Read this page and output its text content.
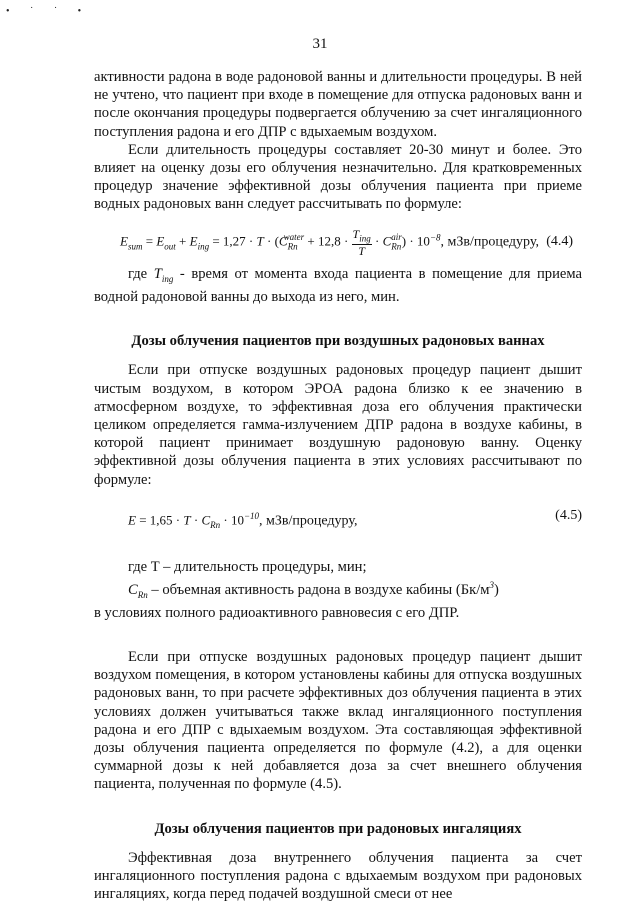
• ˙ ˙ •
31

активности радона в воде радоновой ванны и длительности процедуры. В ней не учтено, что пациент при входе в помещение для отпуска радоновых ванн и после окончания процедуры подвергается облучению за счет ингаляционного поступления радона и его ДПР с вдыхаемым воздухом.

Если длительность процедуры составляет 20-30 минут и более. Это влияет на оценку дозы его облучения незначительно. Для кратковременных процедур значение эффективной дозы облучения пациента при приеме водных радоновых ванн следует рассчитывать по формуле:

$E_{sum} = E_{out} + E_{ing} = 1,27 \cdot T \cdot (C_{Rn}^{water} + 12,8 \cdot \frac{T_{ing}}{T} \cdot C_{Rn}^{air}) \cdot 10^{-8}$, мЗв/процедуру, (4.4)

где $T_{ing}$ - время от момента входа пациента в помещение для приема водной радоновой ванны до выхода из него, мин.

Дозы облучения пациентов при воздушных радоновых ваннах

Если при отпуске воздушных радоновых процедур пациент дышит чистым воздухом, в котором ЭРОА радона близко к ее значению в атмосферном воздухе, то эффективная доза его облучения практически целиком определяется гамма-излучением ДПР радона в воздухе кабины, в которой пациент принимает воздушную радоновую ванну. Оценку эффективной дозы облучения пациента в этих условиях рассчитывают по формуле:

$E = 1,65 \cdot T \cdot C_{Rn} \cdot 10^{-10}$, мЗв/процедуру,	(4.5)

где T – длительность процедуры, мин;

$C_{Rn}$ – объемная активность радона в воздухе кабины $(Бк/м^3)$

в условиях полного радиоактивного равновесия с его ДПР.

Если при отпуске воздушных радоновых процедур пациент дышит воздухом помещения, в котором установлены кабины для отпуска воздушных радоновых ванн, то при расчете эффективных доз облучения пациента в этих условиях должен учитываться также вклад ингаляционного поступления радона и его ДПР с вдыхаемым воздухом. Эта составляющая эффективной дозы облучения пациента определяется по формуле (4.2), а для оценки суммарной дозы к ней добавляется доза за счет внешнего облучения пациента, полученная по формуле (4.5).

Дозы облучения пациентов при радоновых ингаляциях

Эффективная доза внутреннего облучения пациента за счет ингаляционного поступления радона с вдыхаемым воздухом при радоновых ингаляциях, когда перед подачей воздушной смеси от нее
